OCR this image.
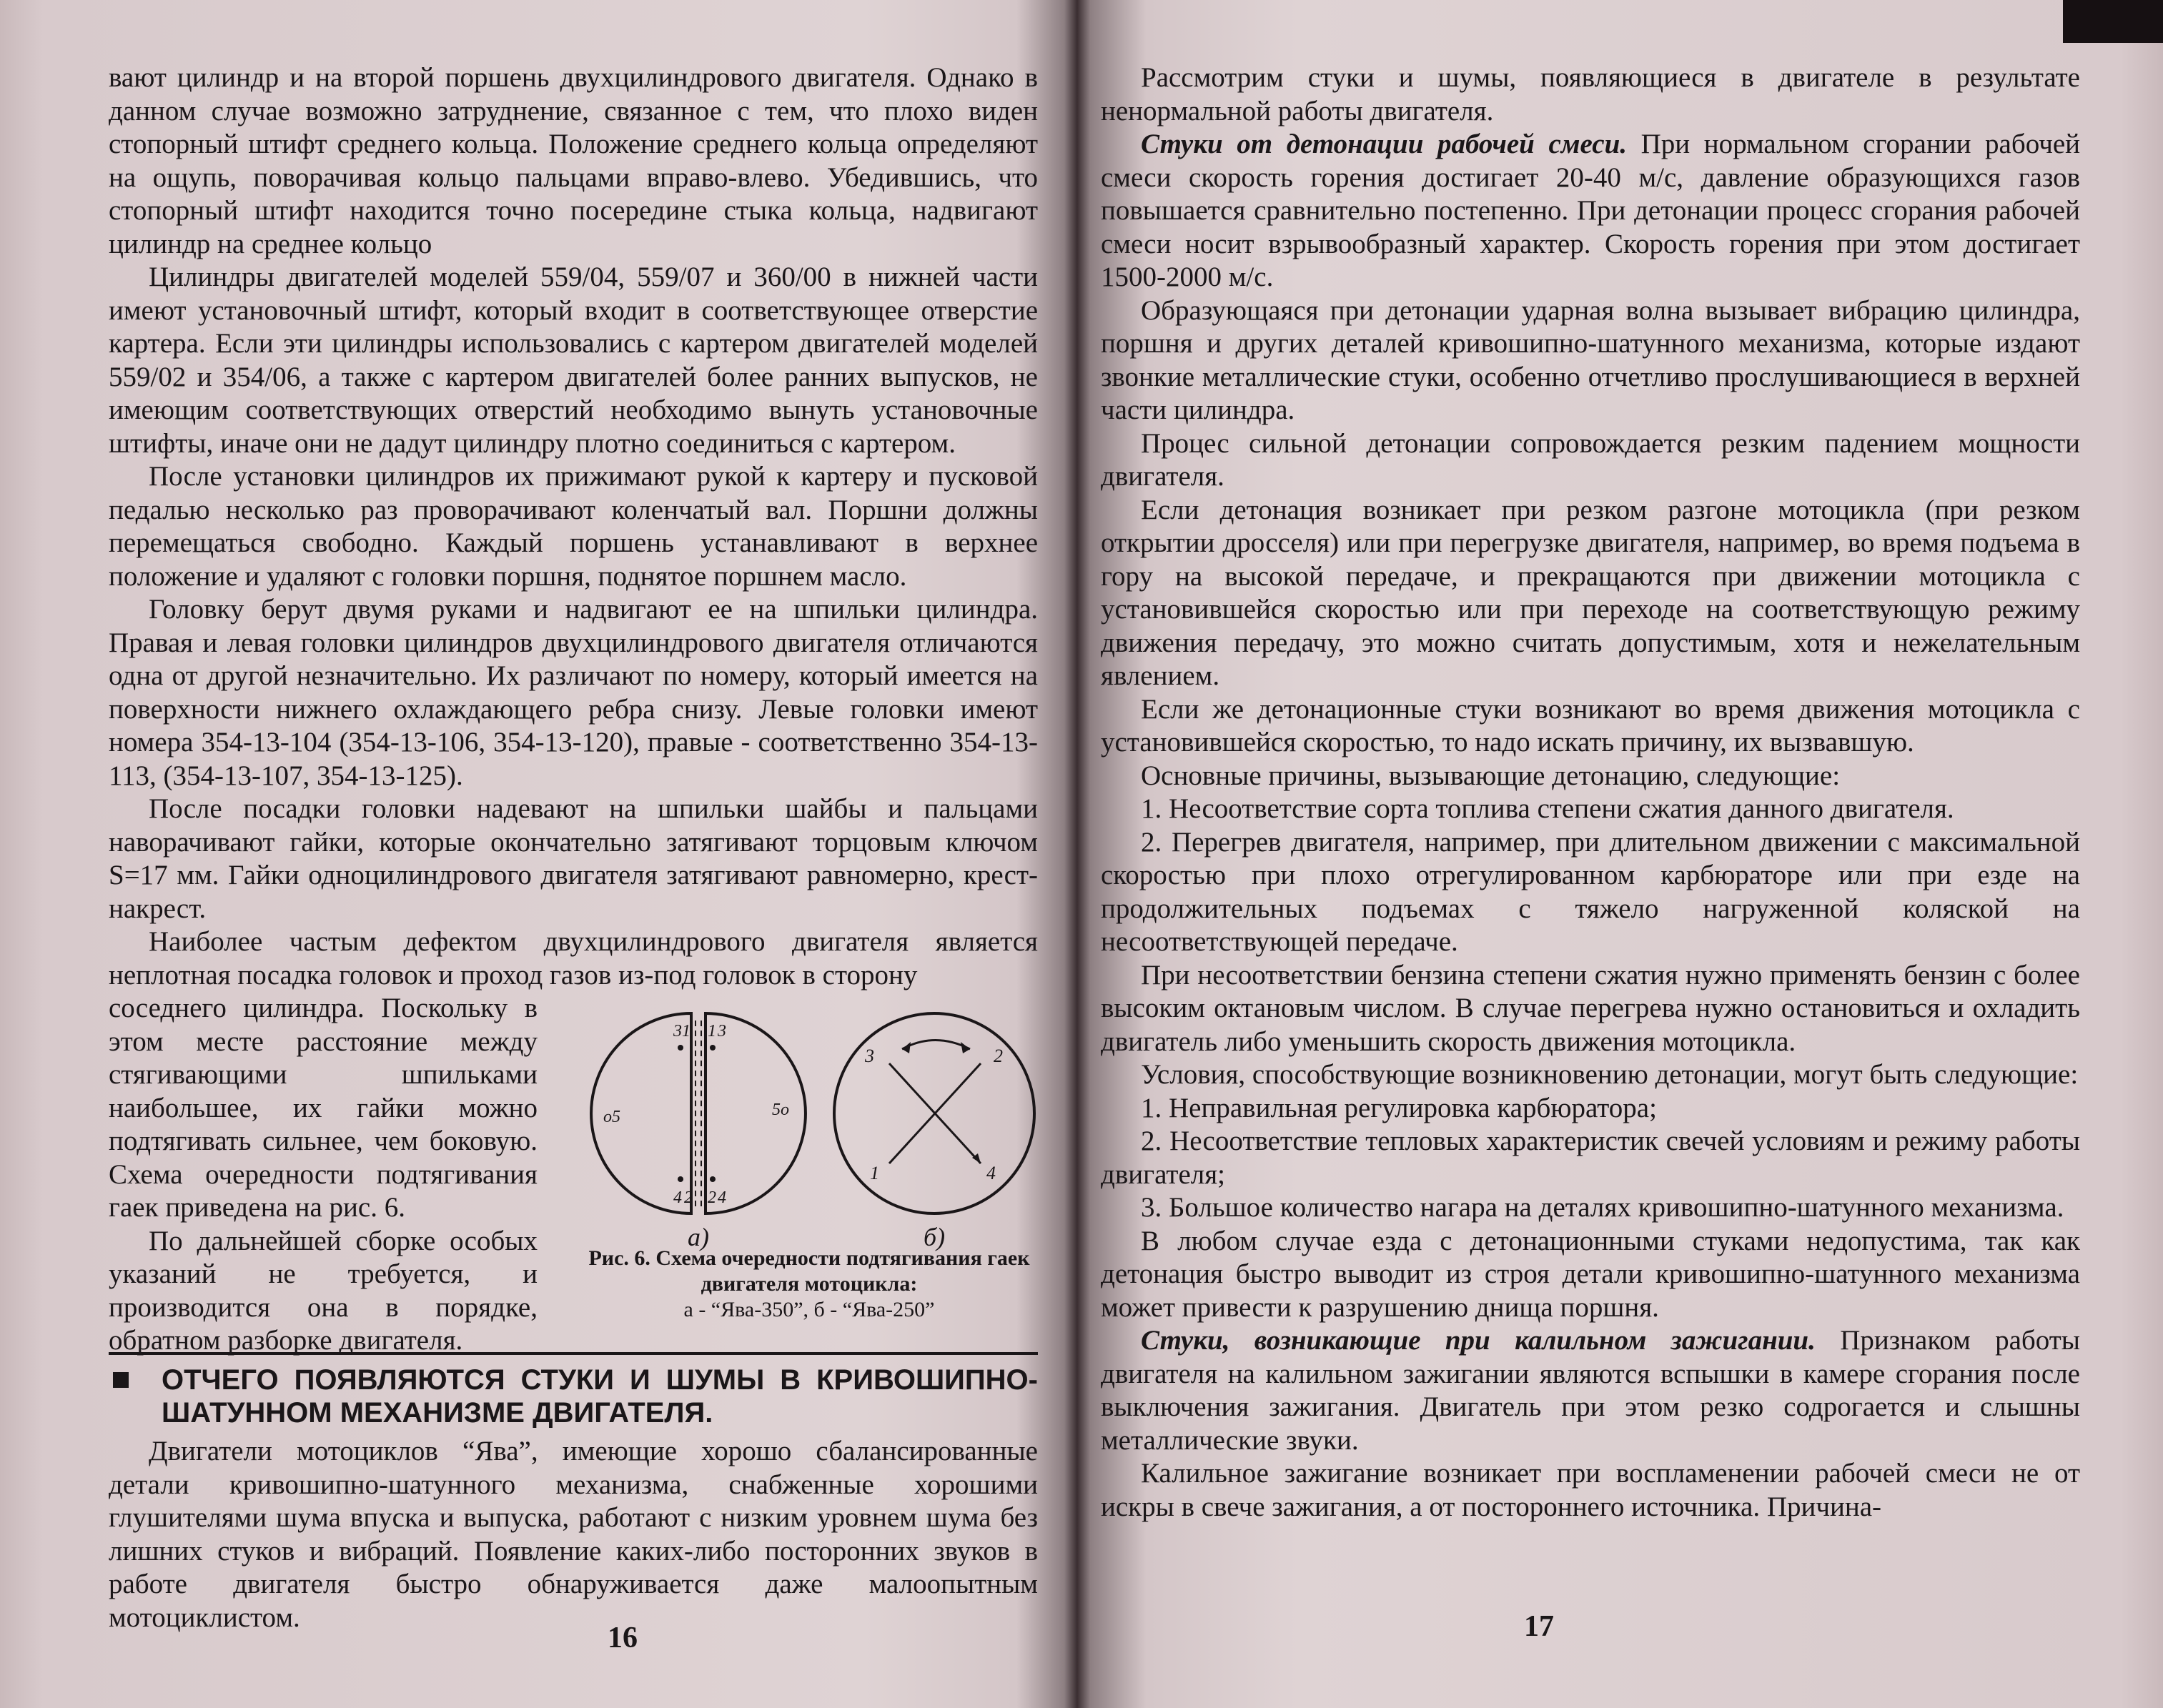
вают цилиндр и на второй поршень двухцилиндрового двигателя. Однако в данном случае возможно затруднение, связанное с тем, что плохо виден стопорный штифт среднего кольца. Положение среднего кольца определяют на ощупь, поворачивая кольцо пальцами вправо-влево. Убедившись, что стопорный штифт находится точно посередине стыка кольца, надвигают цилиндр на среднее кольцо

Цилиндры двигателей моделей 559/04, 559/07 и 360/00 в нижней части имеют установочный штифт, который входит в соответствующее отверстие картера. Если эти цилиндры использовались с картером двигателей моделей 559/02 и 354/06, а также с картером двигателей более ранних выпусков, не имеющим соответствующих отверстий необходимо вынуть установочные штифты, иначе они не дадут цилиндру плотно соединиться с картером.

После установки цилиндров их прижимают рукой к картеру и пусковой педалью несколько раз проворачивают коленчатый вал. Поршни должны перемещаться свободно. Каждый поршень устанавливают в верхнее положение и удаляют с головки поршня, поднятое поршнем масло.

Головку берут двумя руками и надвигают ее на шпильки цилиндра. Правая и левая головки цилиндров двухцилиндрового двигателя отличаются одна от другой незначительно. Их различают по номеру, который имеется на поверхности нижнего охлаждающего ребра снизу. Левые головки имеют номера 354-13-104 (354-13-106, 354-13-120), правые - соответственно 354-13-113, (354-13-107, 354-13-125).

После посадки головки надевают на шпильки шайбы и пальцами наворачивают гайки, которые окончательно затягивают торцовым ключом S=17 мм. Гайки одноцилиндрового двигателя затягивают равномерно, крест-накрест.

Наиболее частым дефектом двухцилиндрового двигателя является неплотная посадка головок и проход газов из-под головок в сторону

соседнего цилиндра. Поскольку в этом месте расстояние между стягивающими шпильками наибольшее, их гайки можно подтягивать сильнее, чем боковую. Схема очередности подтягивания гаек приведена на рис. 6.

По дальнейшей сборке особых указаний не требуется, и производится она в порядке, обратном разборке двигателя.

3 1 1 3
о5	5о
4 2 2 4
3	2
1	4
а)	б)
Рис. 6. Схема очередности подтягивания гаек двигателя мотоцикла:
а - “Ява-350”, б - “Ява-250”
ОТЧЕГО ПОЯВЛЯЮТСЯ СТУКИ И ШУМЫ В КРИВОШИПНО-ШАТУННОМ МЕХАНИЗМЕ ДВИГАТЕЛЯ.

Двигатели мотоциклов “Ява”, имеющие хорошо сбалансированные детали кривошипно-шатунного механизма, снабженные хорошими глушителями шума впуска и выпуска, работают с низким уровнем шума без лишних стуков и вибраций. Появление каких-либо посторонних звуков в работе двигателя быстро обнаруживается даже малоопытным мотоциклистом.

16

Рассмотрим стуки и шумы, появляющиеся в двигателе в результате ненормальной работы двигателя.

Стуки от детонации рабочей смеси. При нормальном сгорании рабочей смеси скорость горения достигает 20-40 м/с, давление образующихся газов повышается сравнительно постепенно. При детонации процесс сгорания рабочей смеси носит взрывообразный характер. Скорость горения при этом достигает 1500-2000 м/с.

Образующаяся при детонации ударная волна вызывает вибрацию цилиндра, поршня и других деталей кривошипно-шатунного механизма, которые издают звонкие металлические стуки, особенно отчетливо прослушивающиеся в верхней части цилиндра.

Процес сильной детонации сопровождается резким падением мощности двигателя.

Если детонация возникает при резком разгоне мотоцикла (при резком открытии дросселя) или при перегрузке двигателя, например, во время подъема в гору на высокой передаче, и прекращаются при движении мотоцикла с установившейся скоростью или при переходе на соответствующую режиму движения передачу, это можно считать допустимым, хотя и нежелательным явлением.

Если же детонационные стуки возникают во время движения мотоцикла с установившейся скоростью, то надо искать причину, их вызвавшую.

Основные причины, вызывающие детонацию, следующие:

1. Несоответствие сорта топлива степени сжатия данного двигателя.

2. Перегрев двигателя, например, при длительном движении с максимальной скоростью при плохо отрегулированном карбюраторе или при езде на продолжительных подъемах с тяжело нагруженной коляской на несоответствующей передаче.

При несоответствии бензина степени сжатия нужно применять бензин с более высоким октановым числом. В случае перегрева нужно остановиться и охладить двигатель либо уменьшить скорость движения мотоцикла.

Условия, способствующие возникновению детонации, могут быть следующие:

1. Неправильная регулировка карбюратора;

2. Несоответствие тепловых характеристик свечей условиям и режиму работы двигателя;

3. Большое количество нагара на деталях кривошипно-шатунного механизма.

В любом случае езда с детонационными стуками недопустима, так как детонация быстро выводит из строя детали кривошипно-шатунного механизма может привести к разрушению днища поршня.

Стуки, возникающие при калильном зажигании. Признаком работы двигателя на калильном зажигании являются вспышки в камере сгорания после выключения зажигания. Двигатель при этом резко содрогается и слышны металлические звуки.

Калильное зажигание возникает при воспламенении рабочей смеси не от искры в свече зажигания, а от постороннего источника. Причина-

17
